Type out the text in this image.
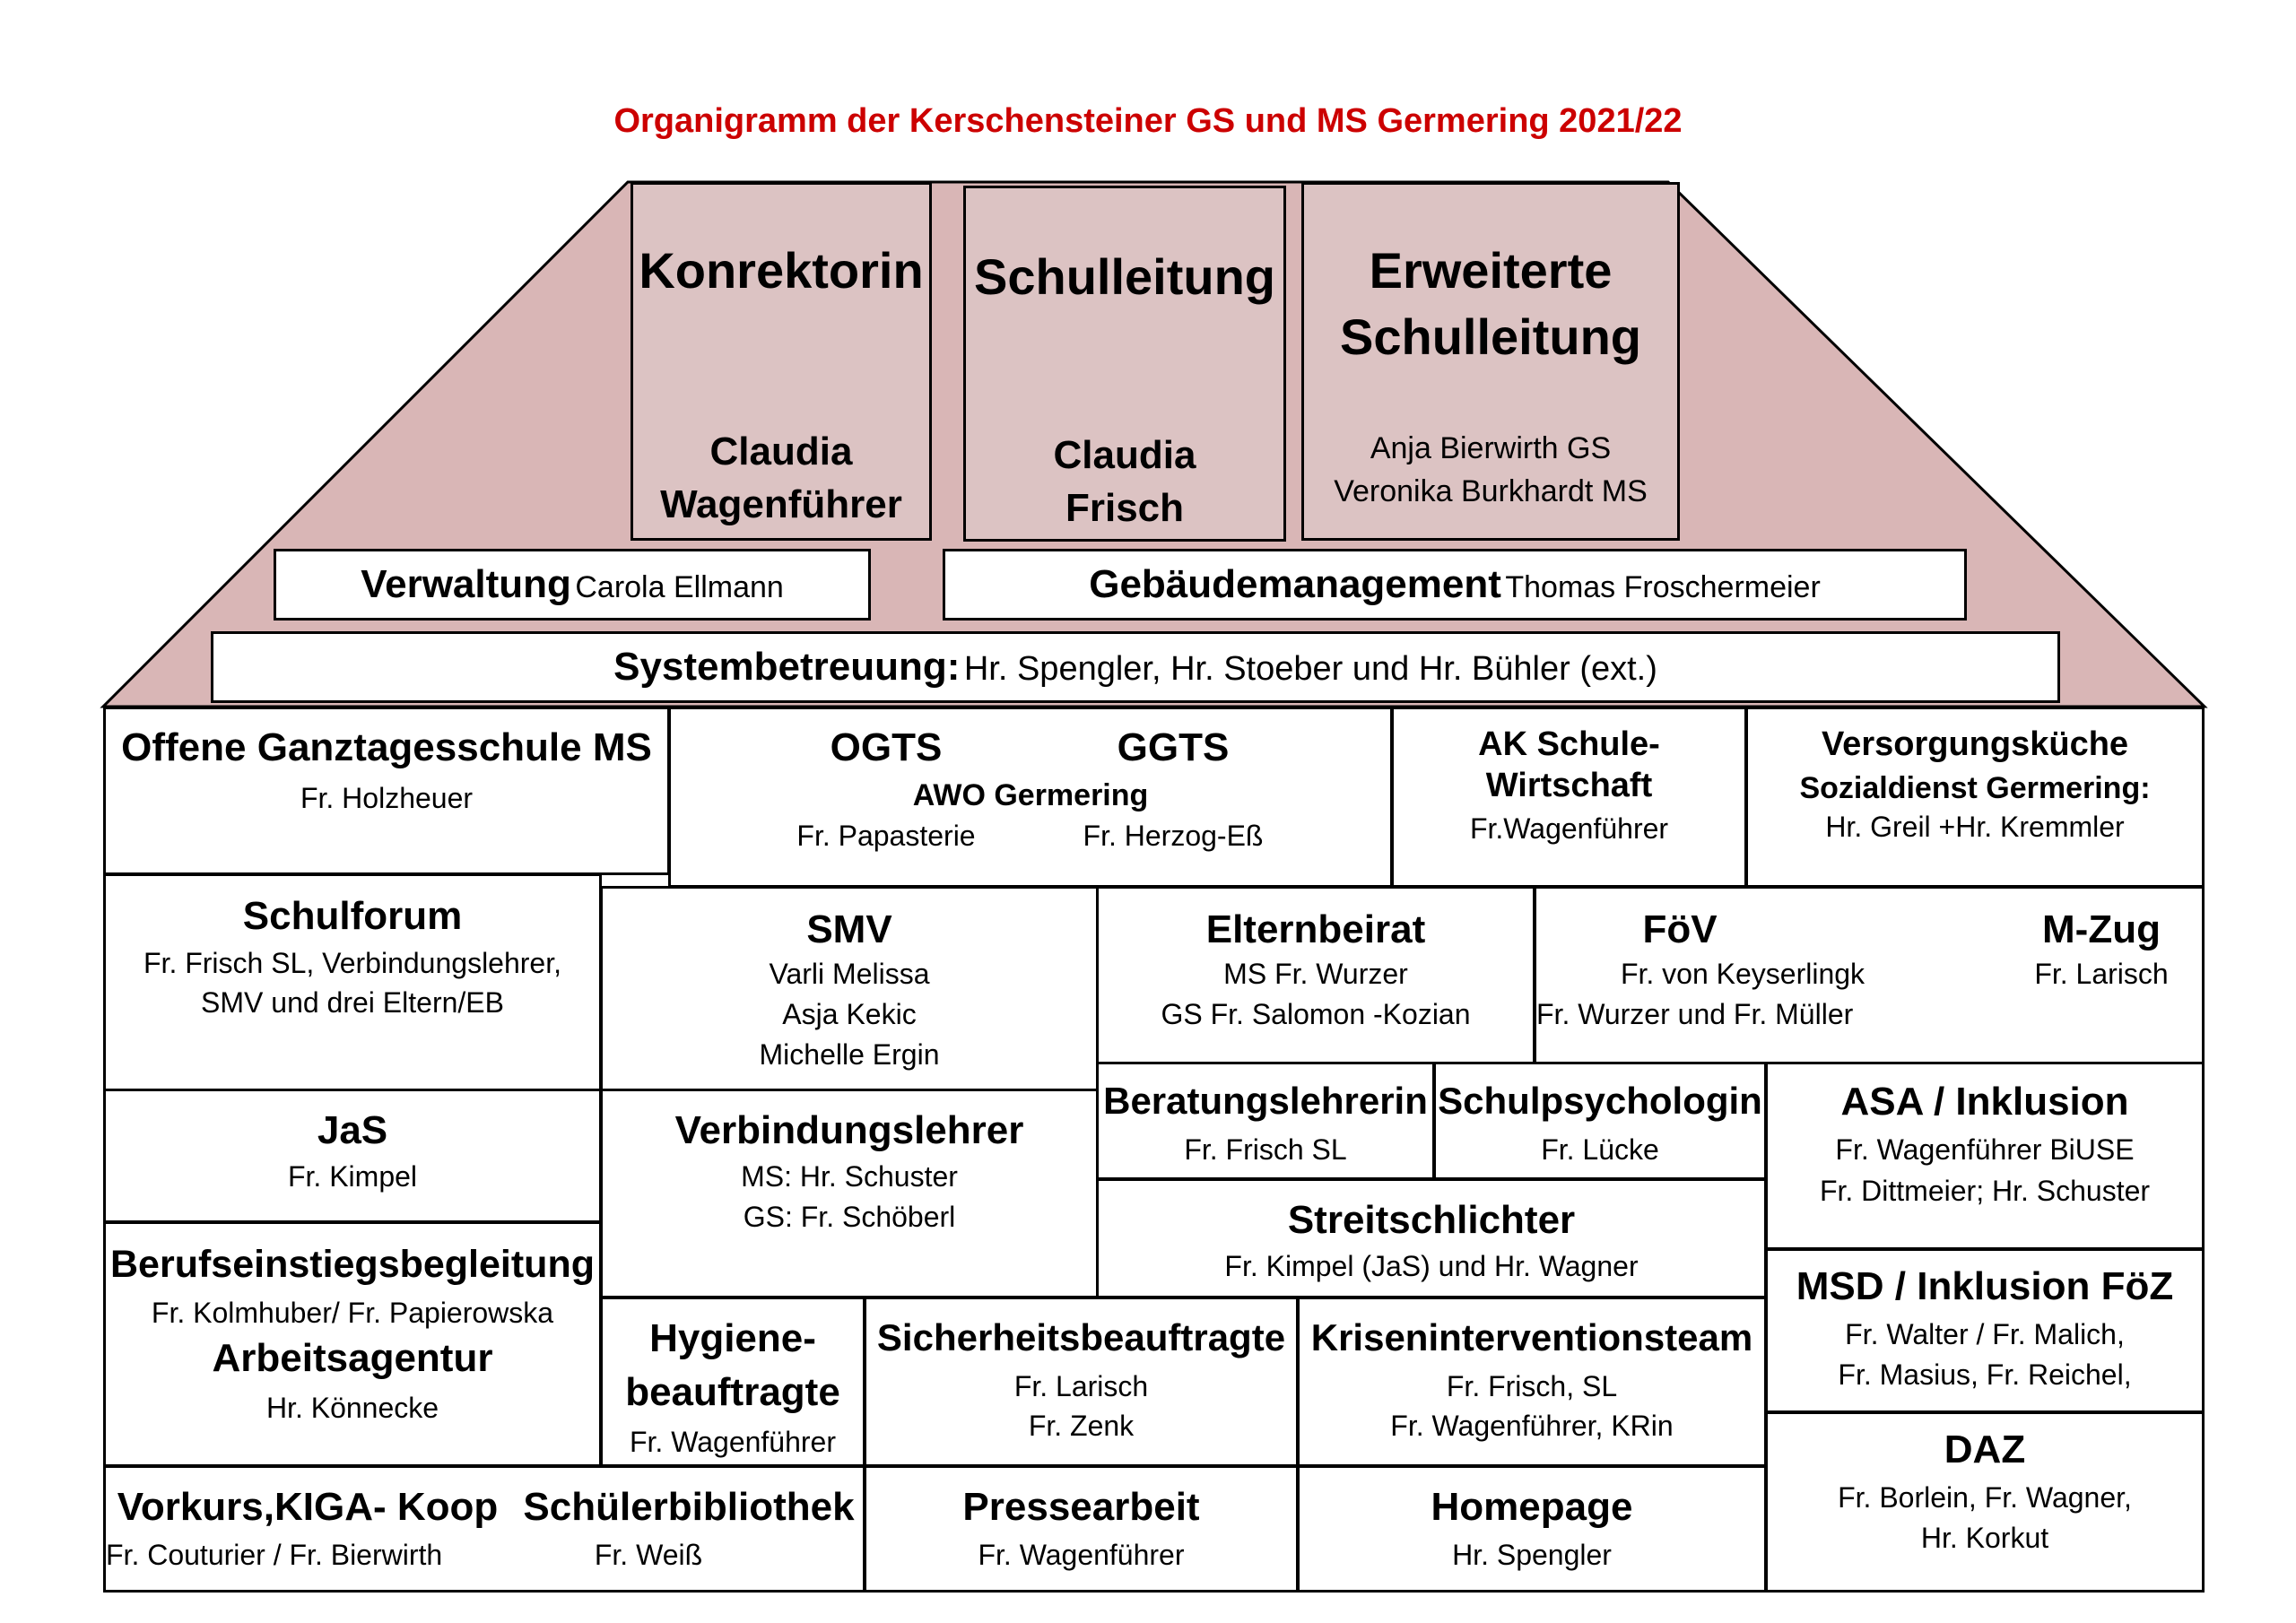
Organigramm der Kerschensteiner GS und MS Germering 2021/22
Konrektorin
Claudia
Wagenführer
Schulleitung
Claudia
Frisch
Erweiterte
Schulleitung
Anja Bierwirth GS
Veronika Burkhardt MS
Verwaltung Carola Ellmann	Gebäudemanagement Thomas Froschermeier
Systembetreuung: Hr. Spengler, Hr. Stoeber und Hr. Bühler (ext.)
Offene Ganztagesschule MS
Fr. Holzheuer
OGTS	GGTS
AWO Germering
Fr. Papasterie	Fr. Herzog-Eß
AK Schule- Wirtschaft
Fr.Wagenführer
Versorgungsküche
Sozialdienst Germering:
Hr. Greil +Hr. Kremmler
Schulforum
Fr. Frisch SL, Verbindungslehrer,
SMV und drei Eltern/EB
SMV
Varli Melissa
Asja Kekic
Michelle Ergin
Elternbeirat
MS Fr. Wurzer
GS Fr. Salomon -Kozian
FöV
Fr. von Keyserlingk
Fr. Wurzer und Fr. Müller
M-Zug
Fr. Larisch
JaS
Fr. Kimpel
Verbindungslehrer
MS: Hr. Schuster
GS: Fr. Schöberl
Beratungslehrerin
Fr. Frisch SL
Schulpsychologin
Fr. Lücke
ASA / Inklusion
Fr. Wagenführer BiUSE
Fr. Dittmeier; Hr. Schuster
Streitschlichter
Fr. Kimpel (JaS) und Hr. Wagner
Berufseinstiegsbegleitung
Fr. Kolmhuber/ Fr. Papierowska
Arbeitsagentur
Hr. Könnecke
Hygiene-
beauftragte
Fr. Wagenführer
Sicherheitsbeauftragte
Fr. Larisch
Fr. Zenk
Kriseninterventionsteam
Fr. Frisch, SL
Fr. Wagenführer, KRin
MSD / Inklusion FöZ
Fr. Walter / Fr. Malich,
Fr. Masius, Fr. Reichel,
Vorkurs,KIGA- Koop
Fr. Couturier / Fr. Bierwirth
Schülerbibliothek
Fr. Weiß
Pressearbeit
Fr. Wagenführer
Homepage
Hr. Spengler
DAZ
Fr. Borlein, Fr. Wagner,
Hr. Korkut
